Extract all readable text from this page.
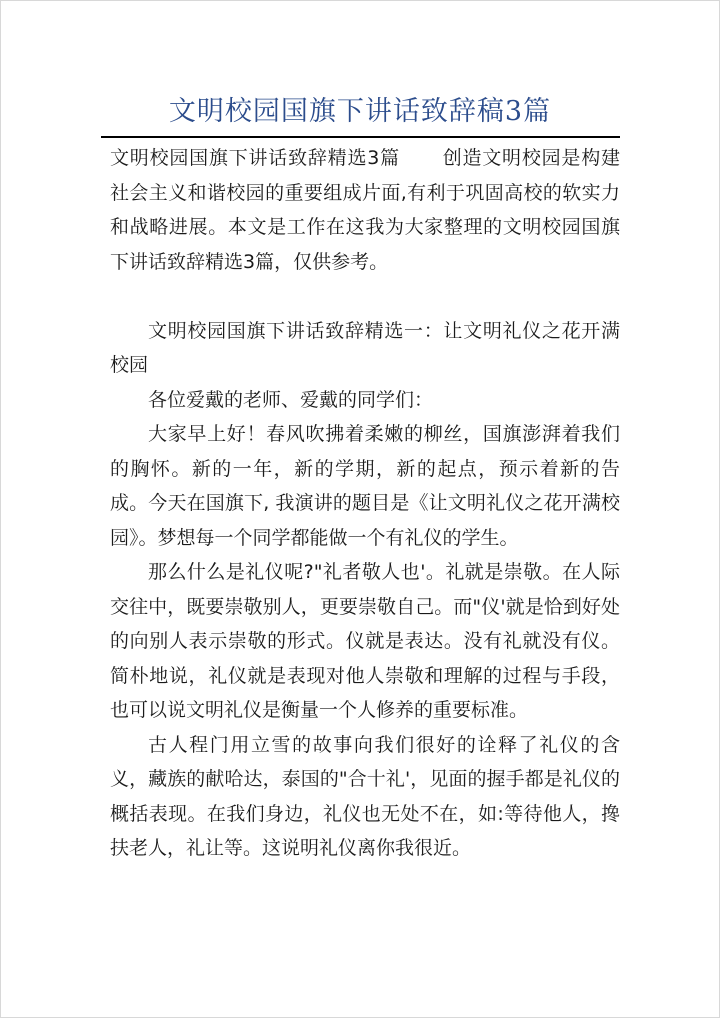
文明校园国旗下讲话致辞稿3篇

文明校园国旗下讲话致辞精选3篇 创造文明校园是构建社会主义和谐校园的重要组成片面,有利于巩固高校的软实力和战略进展。本文是工作在这我为大家整理的文明校园国旗下讲话致辞精选3篇，仅供参考。

文明校园国旗下讲话致辞精选一：让文明礼仪之花开满校园

各位爱戴的老师、爱戴的同学们：

大家早上好！春风吹拂着柔嫩的柳丝，国旗澎湃着我们的胸怀。新的一年，新的学期，新的起点，预示着新的告成。今天在国旗下, 我演讲的题目是《让文明礼仪之花开满校园》。梦想每一个同学都能做一个有礼仪的学生。

那么什么是礼仪呢?"礼者敬人也'。礼就是崇敬。在人际交往中，既要崇敬别人，更要崇敬自己。而"仪'就是恰到好处的向别人表示崇敬的形式。仪就是表达。没有礼就没有仪。简朴地说，礼仪就是表现对他人崇敬和理解的过程与手段，也可以说文明礼仪是衡量一个人修养的重要标准。

古人程门用立雪的故事向我们很好的诠释了礼仪的含义，藏族的献哈达，泰国的"合十礼'，见面的握手都是礼仪的概括表现。在我们身边，礼仪也无处不在，如:等待他人，搀扶老人，礼让等。这说明礼仪离你我很近。
